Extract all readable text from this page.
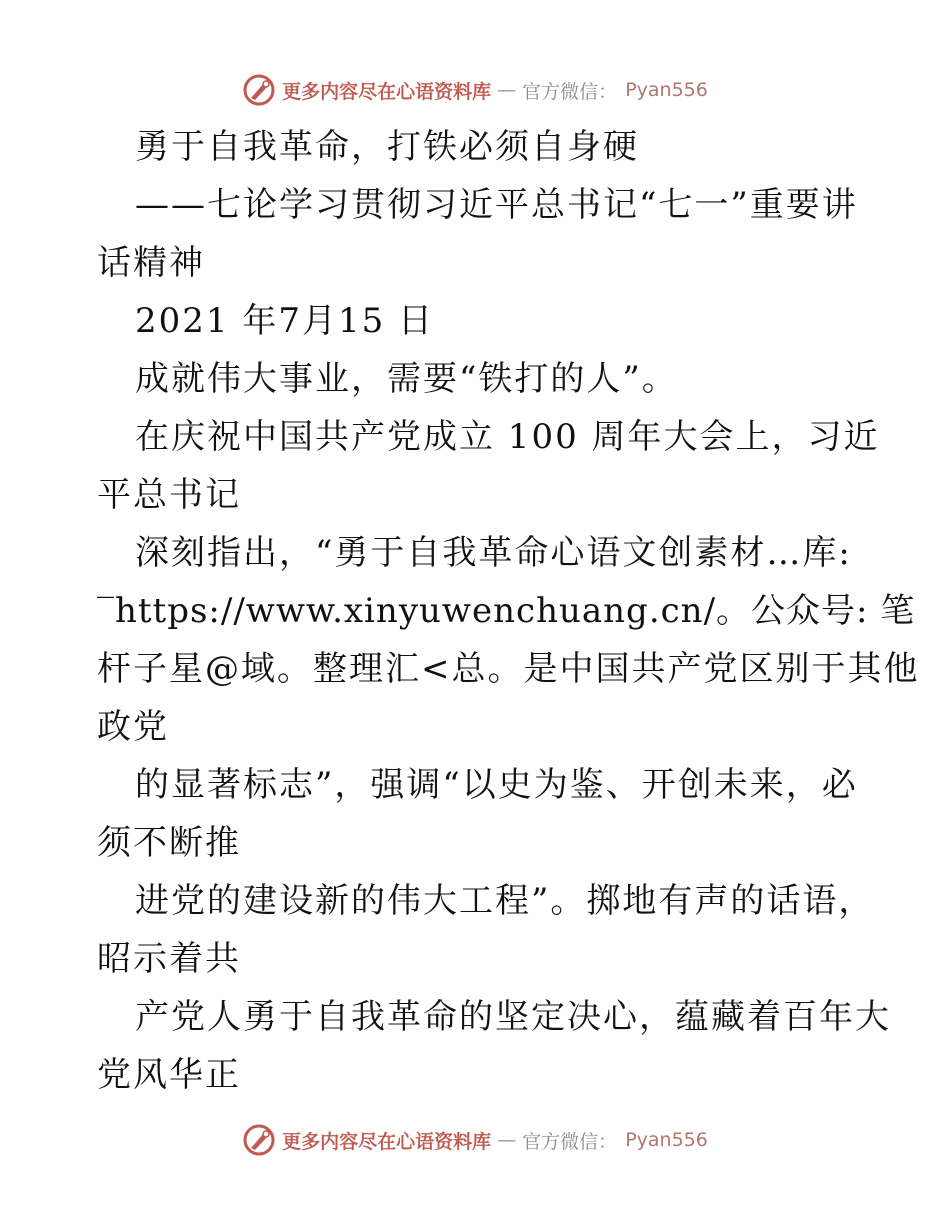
更多内容尽在心语资料库 — 官方微信： Pyan556
勇于自我革命，打铁必须自身硬
——七论学习贯彻习近平总书记“七一”重要讲
话精神
2021 年7月15 日
成就伟大事业，需要“铁打的人”。
在庆祝中国共产党成立 100 周年大会上，习近
平总书记
深刻指出，“勇于自我革命心语文创素材…库:
‾https://www.xinyuwenchuang.cn/。公众号: 笔
杆子星@域。整理汇<总。是中国共产党区别于其他
政党
的显著标志”，强调“以史为鉴、开创未来，必
须不断推
进党的建设新的伟大工程”。掷地有声的话语，
昭示着共
产党人勇于自我革命的坚定决心，蕴藏着百年大
党风华正
更多内容尽在心语资料库 — 官方微信： Pyan556
